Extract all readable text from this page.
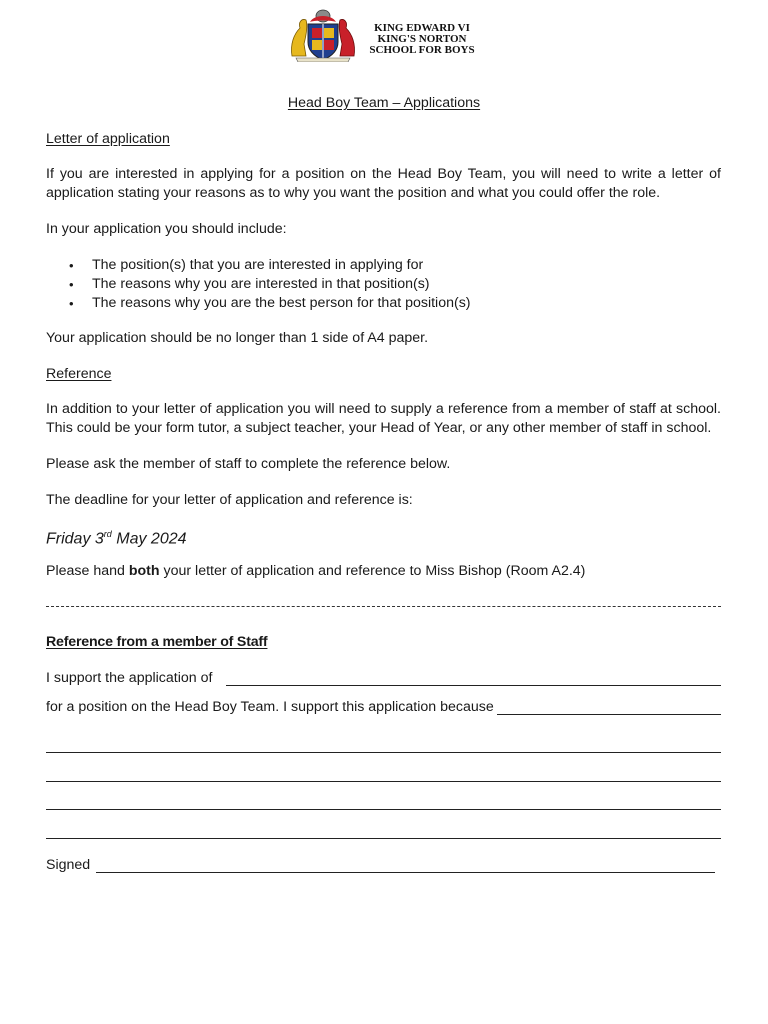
KING EDWARD VI
KING'S NORTON
SCHOOL FOR BOYS
Head Boy Team – Applications
Letter of application
If you are interested in applying for a position on the Head Boy Team, you will need to write a letter of application stating your reasons as to why you want the position and what you could offer the role.
In your application you should include:
• The position(s) that you are interested in applying for
• The reasons why you are interested in that position(s)
• The reasons why you are the best person for that position(s)
Your application should be no longer than 1 side of A4 paper.
Reference
In addition to your letter of application you will need to supply a reference from a member of staff at school. This could be your form tutor, a subject teacher, your Head of Year, or any other member of staff in school.
Please ask the member of staff to complete the reference below.
The deadline for your letter of application and reference is:
Friday 3rd May 2024
Please hand both your letter of application and reference to Miss Bishop (Room A2.4)
Reference from a member of Staff
I support the application of
for a position on the Head Boy Team. I support this application because
Signed
